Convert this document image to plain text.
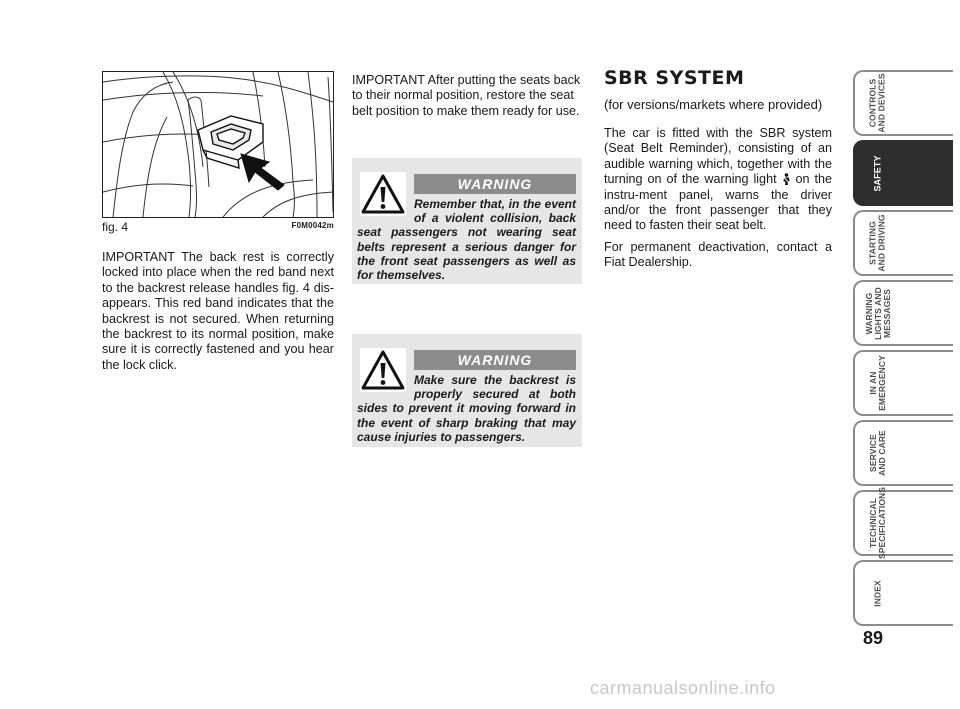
fig. 4	F0M0042m
IMPORTANT The back rest is correctly locked into place when the red band next to the backrest release handles fig. 4 dis-appears. This red band indicates that the backrest is not secured. When returning the backrest to its normal position, make sure it is correctly fastened and you hear the lock click.
IMPORTANT After putting the seats back to their normal position, restore the seat belt position to make them ready for use.
WARNING
Remember that, in the event of a violent collision, back seat passengers not wearing seat belts represent a serious danger for the front seat passengers as well as for themselves.
WARNING
Make sure the backrest is properly secured at both sides to prevent it moving forward in the event of sharp braking that may cause injuries to passengers.
SBR SYSTEM
(for versions/markets where provided)

The car is fitted with the SBR system (Seat Belt Reminder), consisting of an audible warning which, together with the turning on of the warning light on the instru-ment panel, warns the driver and/or the front passenger that they need to fasten their seat belt.

For permanent deactivation, contact a Fiat Dealership.

CONTROLS
AND DEVICES
SAFETY
STARTING
AND DRIVING
WARNING
LIGHTS AND
MESSAGES
IN AN
EMERGENCY
SERVICE
AND CARE
TECHNICAL
SPECIFICATIONS
INDEX
89
carmanualsonline.info
